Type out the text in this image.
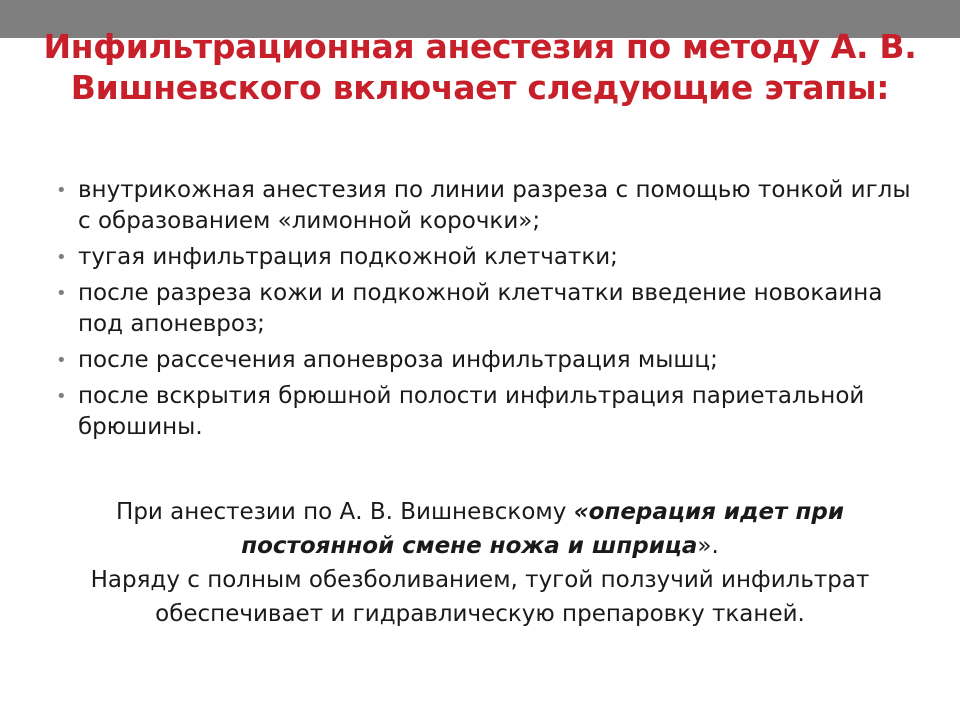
Инфильтрационная анестезия по методу А. В. Вишневского включает следующие этапы:
• внутрикожная анестезия по линии разреза с помощью тонкой иглы с образованием «лимонной корочки»;
• тугая инфильтрация подкожной клетчатки;
• после разреза кожи и подкожной клетчатки введение новокаина под апоневроз;
• после рассечения апоневроза инфильтрация мышц;
• после вскрытия брюшной полости инфильтрация париетальной брюшины.
При анестезии по А. В. Вишневскому «операция идет при постоянной смене ножа и шприца».
Наряду с полным обезболиванием, тугой ползучий инфильтрат обеспечивает и гидравлическую препаровку тканей.
